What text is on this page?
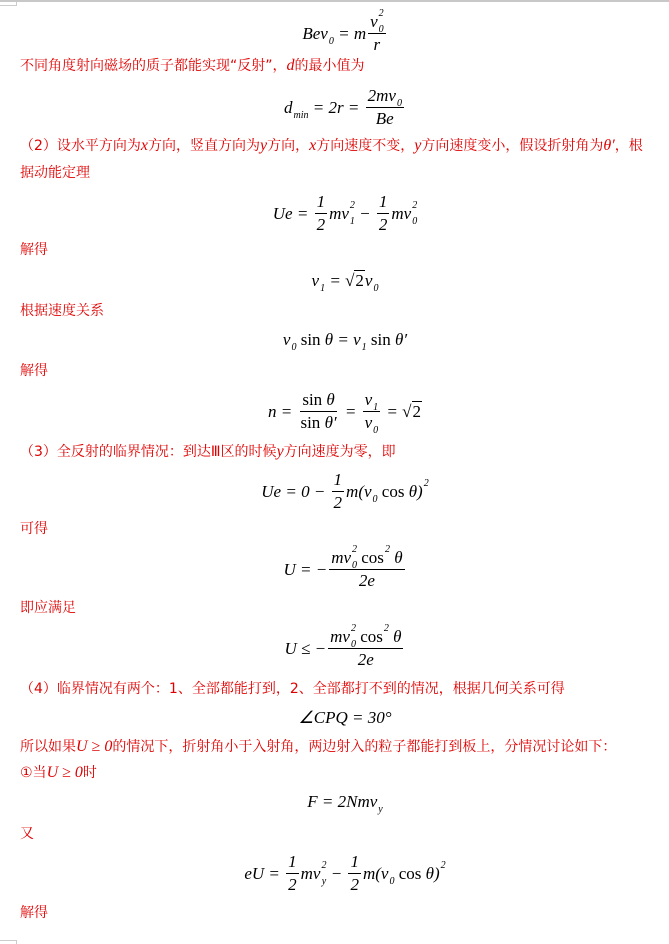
Bev
0 = m v 2
0
r
不同角度射向磁场的质子都能实现“反射”，d的最小值为
d
min = 2r = 2mv
0
Be
（2）设水平方向为x方向，竖直方向为y方向，x方向速度不变，y方向速度变小，假设折射角为θ′，根
据动能定理
$Ue = \frac{1}{2}$ mv 2
$1 - \frac{1}{2}$ mv 2
0
解得
v
1 = √ 2 v
0
根据速度关系
v
0 sin θ = v
1 sin θ′
解得
$n = \frac{\text{sin θ}}{\text{sin θ′}} = v$
1
v
0 = √ 2
（3）全反射的临界情况：到达Ⅲ区的时候y方向速度为零，即
$Ue = 0 - \frac{1}{2} m(v$
0 cos θ) 2

可得
U = − mv 2
0 cos 2
θ
2e
即应满足
U ≤ − mv 2
0 cos 2
θ
2e
（4）临界情况有两个：1、全部都能打到，2、全部都打不到的情况，根据几何关系可得
∠CPQ = 30°
所以如果U ≥ 0的情况下，折射角小于入射角，两边射入的粒子都能打到板上，分情况讨论如下：
①当U ≥ 0时
F = 2Nmv
y
又
eU = $\frac{1}{2}$ mv 2
$y - \frac{1}{2} m(v$
0 cos θ) 2

解得
